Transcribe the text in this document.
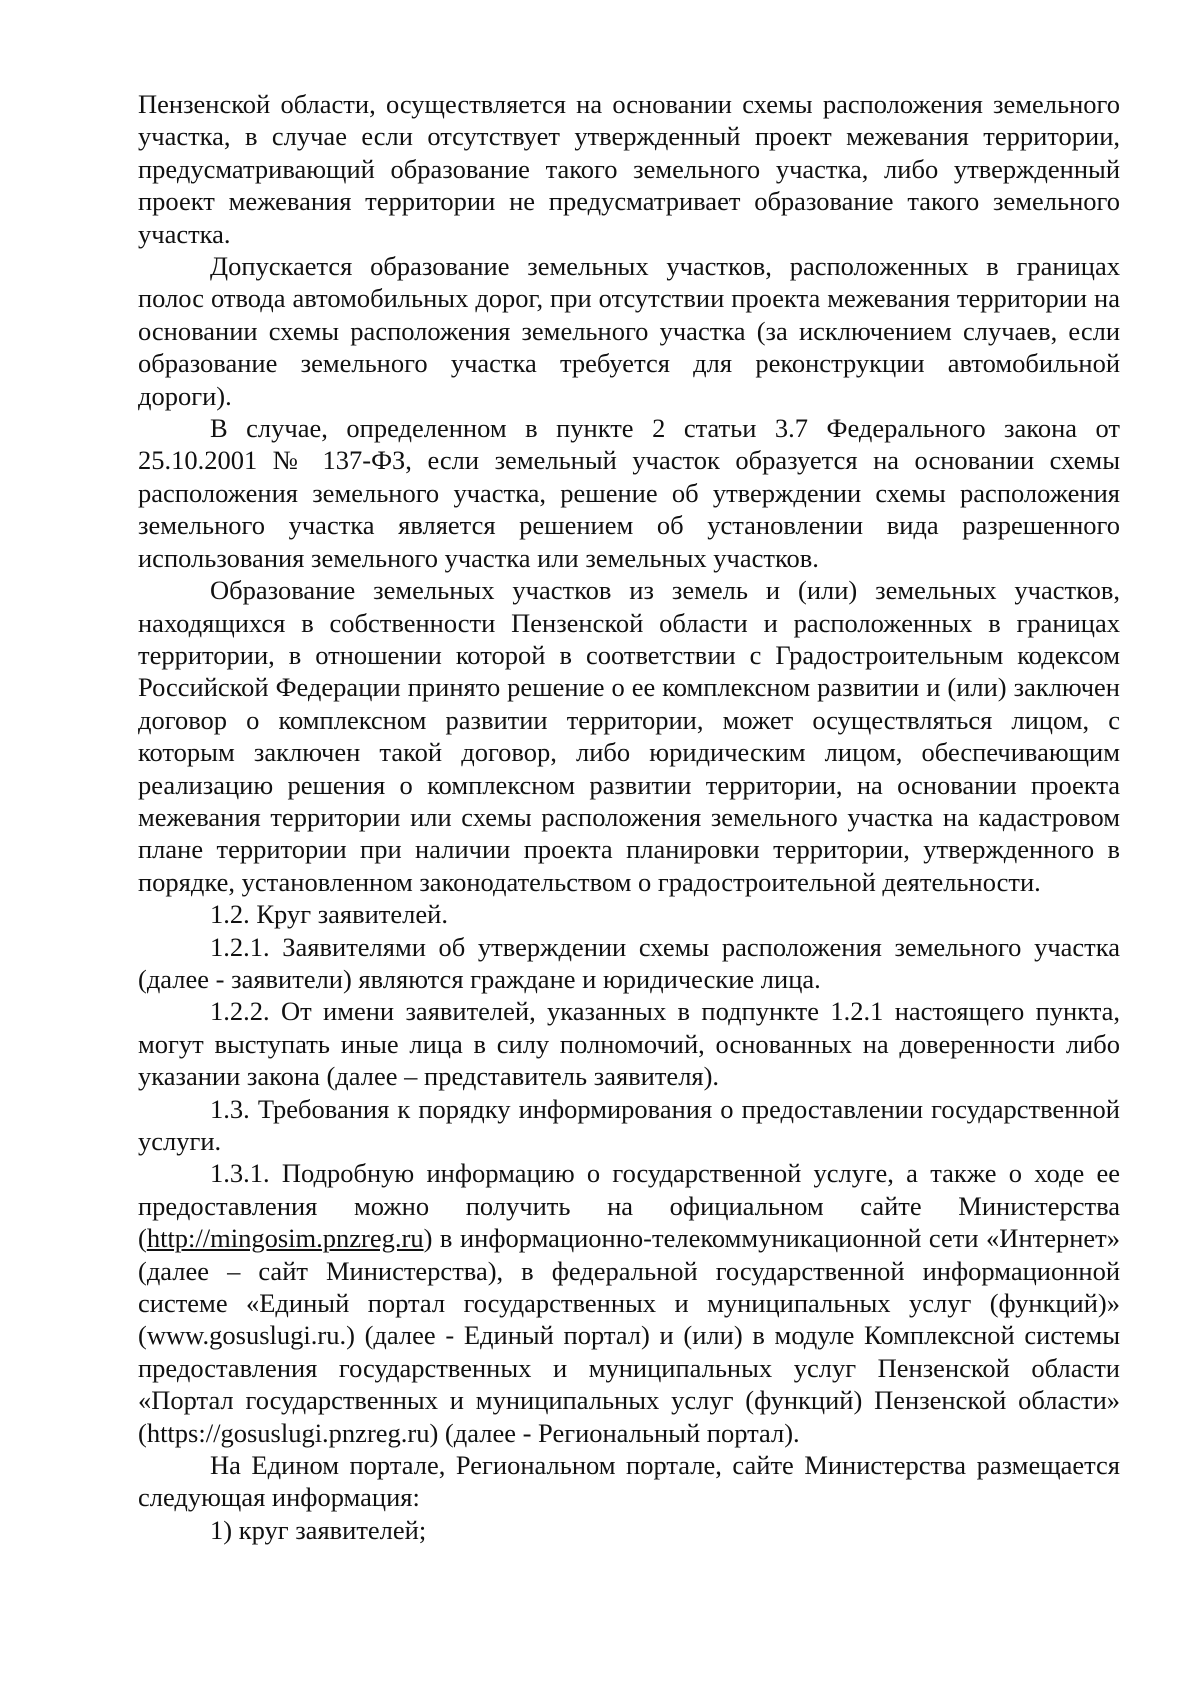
Пензенской области, осуществляется на основании схемы расположения земельного участка, в случае если отсутствует утвержденный проект межевания территории, предусматривающий образование такого земельного участка, либо утвержденный проект межевания территории не предусматривает образование такого земельного участка.

Допускается образование земельных участков, расположенных в границах полос отвода автомобильных дорог, при отсутствии проекта межевания территории на основании схемы расположения земельного участка (за исключением случаев, если образование земельного участка требуется для реконструкции автомобильной дороги).

В случае, определенном в пункте 2 статьи 3.7 Федерального закона от 25.10.2001 № 137-ФЗ, если земельный участок образуется на основании схемы расположения земельного участка, решение об утверждении схемы расположения земельного участка является решением об установлении вида разрешенного использования земельного участка или земельных участков.

Образование земельных участков из земель и (или) земельных участков, находящихся в собственности Пензенской области и расположенных в границах территории, в отношении которой в соответствии с Градостроительным кодексом Российской Федерации принято решение о ее комплексном развитии и (или) заключен договор о комплексном развитии территории, может осуществляться лицом, с которым заключен такой договор, либо юридическим лицом, обеспечивающим реализацию решения о комплексном развитии территории, на основании проекта межевания территории или схемы расположения земельного участка на кадастровом плане территории при наличии проекта планировки территории, утвержденного в порядке, установленном законодательством о градостроительной деятельности.

1.2. Круг заявителей.

1.2.1. Заявителями об утверждении схемы расположения земельного участка (далее - заявители) являются граждане и юридические лица.

1.2.2. От имени заявителей, указанных в подпункте 1.2.1 настоящего пункта, могут выступать иные лица в силу полномочий, основанных на доверенности либо указании закона (далее – представитель заявителя).

1.3. Требования к порядку информирования о предоставлении государственной услуги.

1.3.1. Подробную информацию о государственной услуге, а также о ходе ее предоставления можно получить на официальном сайте Министерства (http://mingosim.pnzreg.ru) в информационно-телекоммуникационной сети «Интернет» (далее – сайт Министерства), в федеральной государственной информационной системе «Единый портал государственных и муниципальных услуг (функций)» (www.gosuslugi.ru.) (далее - Единый портал) и (или) в модуле Комплексной системы предоставления государственных и муниципальных услуг Пензенской области «Портал государственных и муниципальных услуг (функций) Пензенской области» (https://gosuslugi.pnzreg.ru) (далее - Региональный портал).

На Едином портале, Региональном портале, сайте Министерства размещается следующая информация:

1) круг заявителей;
